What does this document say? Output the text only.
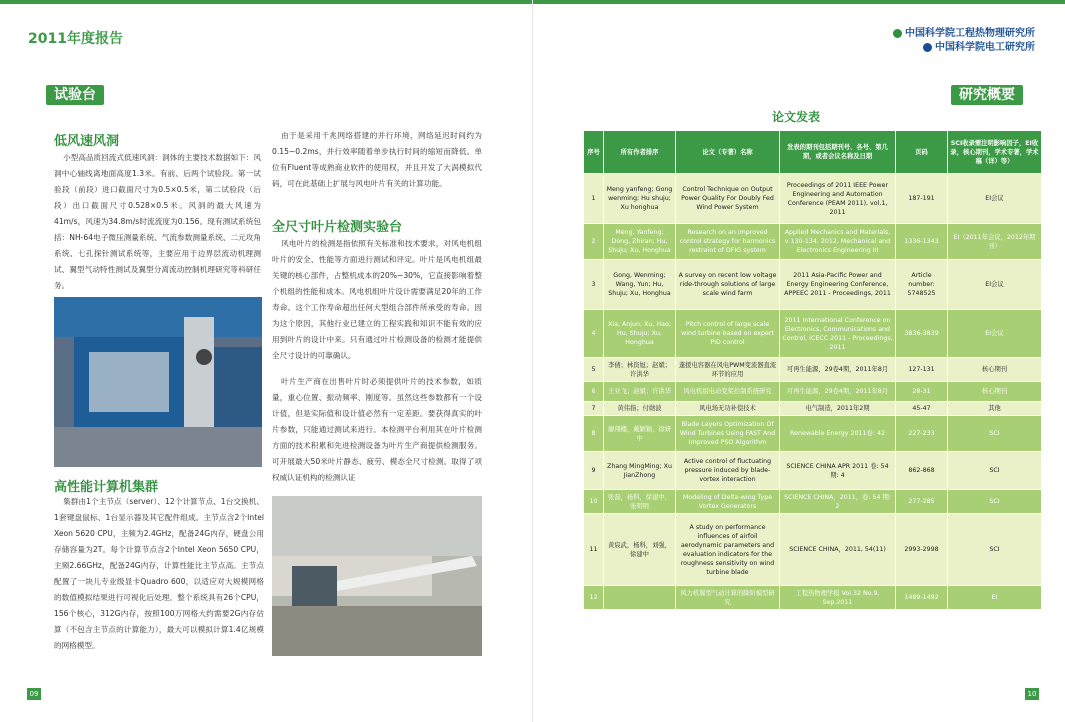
2011年度报告	中国科学院工程热物理研究所
中国科学院电工研究所
试验台	研究概要
低风速风洞

小型高品质回流式低速风洞：洞体的主要技术数据如下：风洞中心轴线离地面高度1.3米。有前、后两个试验段。第一试验段（前段）进口截面尺寸为0.5×0.5米，第二试验段（后段）出口截面尺寸0.528×0.5米。风洞的最大风速为41m/s，风速为34.8m/s时流流度为0.156。现有测试系统包括：NH-64电子微压测量系统、气流参数测量系统、二元攻角系统、七孔探针测试系统等，主要应用于边界层流动机理测试、翼型气动特性测试及翼型分离流动控制机理研究等科研任务。

高性能计算机集群

集群由1个主节点（server）、12个计算节点、1台交换机、1套键盘鼠标、1台显示器及其它配件组成。主节点含2个Intel Xeon 5620 CPU，主频为2.4GHz，配备24G内存，硬盘公用存储容量为2T。每个计算节点含2个Intel Xeon 5650 CPU，主频2.66GHz，配备24G内存，计算性能比主节点高。主节点配置了一块儿专业级显卡Quadro 600，以适应对大规模网格的数值模拟结果进行可视化后处理。整个系统具有26个CPU，156个核心，312G内存，按照100万网格大约需要2G内存估算（不包含主节点的计算能力），最大可以模拟计算1.4亿规模的网格模型。

由于是采用千兆网络搭建的并行环境，网络延迟时间约为0.15~0.2ms，并行效率随着单步执行时间的缩短而降低。单位有Fluent等成熟商业软件的使用权，并且开发了大涡模拟代码，可在此基础上扩展与风电叶片有关的计算功能。

全尺寸叶片检测实验台

风电叶片的检测是指依照有关标准和技术要求，对风电机组叶片的安全、性能等方面进行测试和评定。叶片是风电机组最关键的核心部件，占整机成本的20%~30%，它直接影响着整个机组的性能和成本。风电机组叶片设计需要满足20年的工作寿命。这个工作寿命超出任何大型组合部件所承受的寿命。因为这个原因，其他行业已建立的工程实践和知识不能有效的应用到叶片的设计中来。只有通过叶片检测设备的检测才能提供全尺寸设计的可靠确认。

叶片生产商在出售叶片时必须提供叶片的技术参数，如质量，重心位置、振动频率、刚度等。虽然这些参数都有一个设计值，但是实际值和设计值必然有一定差距。要获得真实的叶片参数，只能通过测试来进行。本检测平台利用其在叶片检测方面的技术积累和先进检测设备为叶片生产商提供检测服务。可开展最大50米叶片静态、疲劳、模态全尺寸检测。取得了项权威认证机构的检测认证

09
论文发表
序号	所有作者排序	论文（专著）名称	发表的期刊包括期刊号、各号、第几期，或者会议名称及日期	页码	SCI收录需注明影响因子，EI收录，核心期刊，学术专著，学术稿（详）等）
1	Meng yanfeng; Gong wenming; Hu shuju; Xu honghua	Control Technique on Output Power Quality For Doubly Fed Wind Power System	Proceedings of 2011 IEEE Power Engineering and Automation Conference (PEAM 2011), vol.1, 2011	187-191	EI会议
2	Meng, Yanfeng; Dong, Zhiran; Hu, Shuju; Xu, Honghua	Research on an improved control strategy for harmonics restraint of DFIG system	Applied Mechanics and Materials, v 130-134, 2012, Mechanical and Electronics Engineering III	1336-1343	EI（2011年会议，2012年期刊）
3	Gong, Wenming; Wang, Yun; Hu, Shuju; Xu, Honghua	A survey on recent low voltage ride-through solutions of large scale wind farm	2011 Asia-Pacific Power and Energy Engineering Conference, APPEEC 2011 - Proceedings, 2011	Article number: 5748525	EI会议
4	Xia, Anjun; Xu, Hao; Hu, Shuju; Xu, Honghua	Pitch control of large scale wind turbine based on expert PID control	2011 International Conference on Electronics, Communications and Control, ICECC 2011 - Proceedings, 2011	3836-3839	EI会议
5	李倩；林资旭；赵斌；许洪华	蓬援电容器在风电PWM变流器直流环节的应用	可再生能源，29卷4期，2011年8月	127-131	核心期刊
6	王亚飞；赵斌；许洪华	风电机组电动变桨控制系统研究	可再生能源，29卷4期，2011年8月	28-31	核心期刊
7	黄伟指；付勋波	风电场无功补偿技术	电气制造，2011年2期	45-47	其他
8	廖翔楼，戴颖颖，徐妍中	Blade Layers Optimization Of Wind Turbines Using FAST And Improved PSO Algorithm	Renewable Energy 2011卷: 42	227-233	SCI
9	Zhang MingMing; Xu JianZhong	Active control of fluctuating pressure induced by blade-vortex interaction	SCIENCE CHINA APR 2011 卷: 54 期: 4	862-868	SCI
10	张磊，杨科，徐建中，张明明	Modeling of Delta-wing Type Vortex Generators	SCIENCE CHINA，2011，卷: 54 期: 2	277-285	SCI
11	黄宸武，杨科，刘强，徐建中	A study on performance influences of airfoil aerodynamic parameters and evaluation indicators for the roughness sensitivity on wind turbine blade	SCIENCE CHINA，2011, 54(11)	2993-2998	SCI
12		风力机翼型气动计算的降阶模型研究	工程热物理学报 Vol.32 No.9, Sep.2011	1489-1492	EI
10
